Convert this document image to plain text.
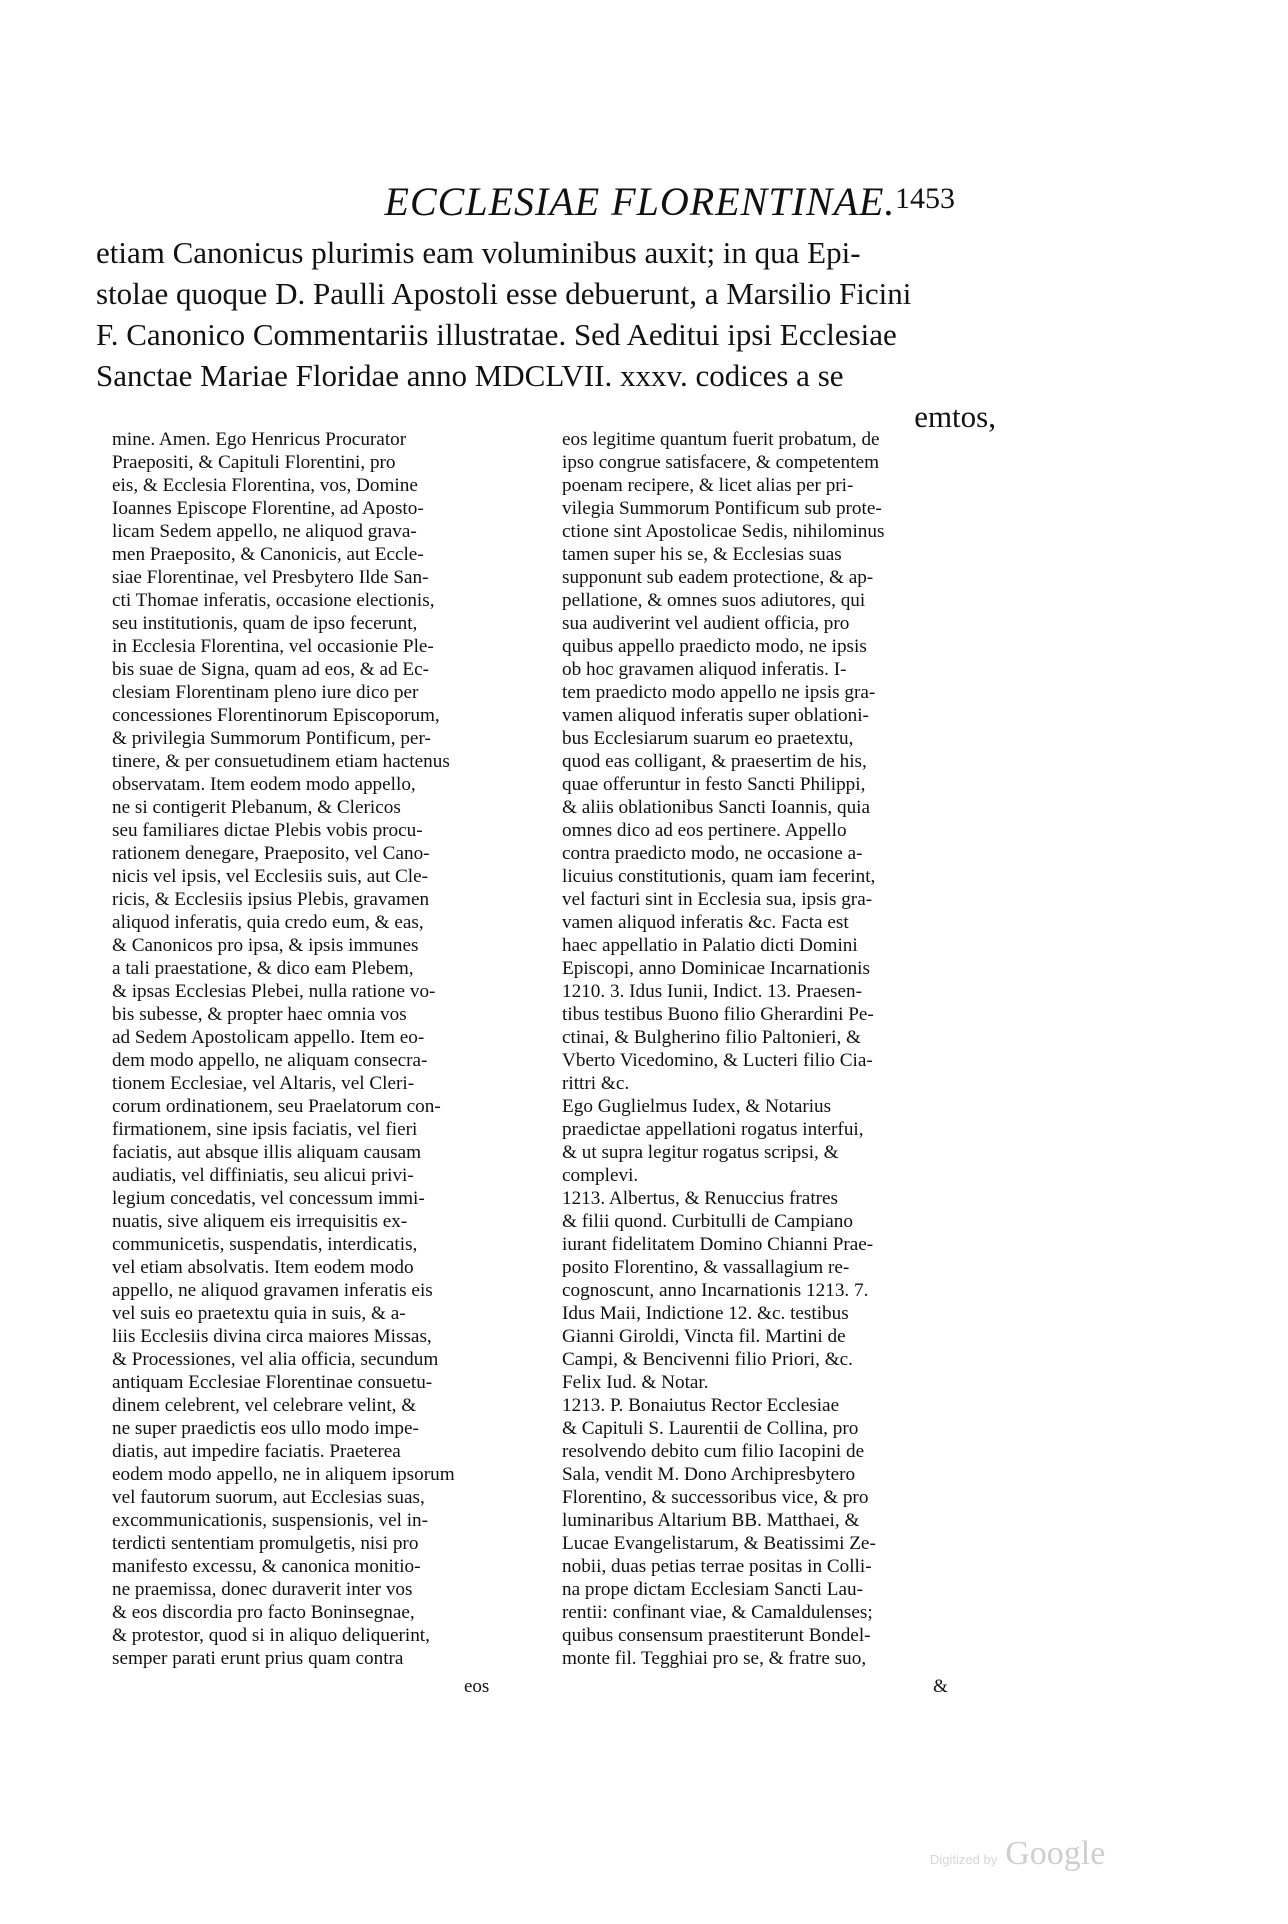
ECCLESIAE FLORENTINAE. 1453
etiam Canonicus plurimis eam voluminibus auxit; in qua Epi-
stolae quoque D. Paulli Apostoli esse debuerunt, a Marsilio Ficini
F. Canonico Commentariis illustratae. Sed Aeditui ipsi Ecclesiae
Sanctae Mariae Floridae anno MDCLVII. xxxv. codices a se
emtos,
mine. Amen. Ego Henricus Procurator
Praepositi, & Capituli Florentini, pro
eis, & Ecclesia Florentina, vos, Domine
Ioannes Episcope Florentine, ad Aposto-
licam Sedem appello, ne aliquod grava-
men Praeposito, & Canonicis, aut Eccle-
siae Florentinae, vel Presbytero Ilde San-
cti Thomae inferatis, occasione electionis,
seu institutionis, quam de ipso fecerunt,
in Ecclesia Florentina, vel occasionie Ple-
bis suae de Signa, quam ad eos, & ad Ec-
clesiam Florentinam pleno iure dico per
concessiones Florentinorum Episcoporum,
& privilegia Summorum Pontificum, per-
tinere, & per consuetudinem etiam hactenus
observatam. Item eodem modo appello,
ne si contigerit Plebanum, & Clericos
seu familiares dictae Plebis vobis procu-
rationem denegare, Praeposito, vel Cano-
nicis vel ipsis, vel Ecclesiis suis, aut Cle-
ricis, & Ecclesiis ipsius Plebis, gravamen
aliquod inferatis, quia credo eum, & eas,
& Canonicos pro ipsa, & ipsis immunes
a tali praestatione, & dico eam Plebem,
& ipsas Ecclesias Plebei, nulla ratione vo-
bis subesse, & propter haec omnia vos
ad Sedem Apostolicam appello. Item eo-
dem modo appello, ne aliquam consecra-
tionem Ecclesiae, vel Altaris, vel Cleri-
corum ordinationem, seu Praelatorum con-
firmationem, sine ipsis faciatis, vel fieri
faciatis, aut absque illis aliquam causam
audiatis, vel diffiniatis, seu alicui privi-
legium concedatis, vel concessum immi-
nuatis, sive aliquem eis irrequisitis ex-
communicetis, suspendatis, interdicatis,
vel etiam absolvatis. Item eodem modo
appello, ne aliquod gravamen inferatis eis
vel suis eo praetextu quia in suis, & a-
liis Ecclesiis divina circa maiores Missas,
& Processiones, vel alia officia, secundum
antiquam Ecclesiae Florentinae consuetu-
dinem celebrent, vel celebrare velint, &
ne super praedictis eos ullo modo impe-
diatis, aut impedire faciatis. Praeterea
eodem modo appello, ne in aliquem ipsorum
vel fautorum suorum, aut Ecclesias suas,
excommunicationis, suspensionis, vel in-
terdicti sententiam promulgetis, nisi pro
manifesto excessu, & canonica monitio-
ne praemissa, donec duraverit inter vos
& eos discordia pro facto Boninsegnae,
& protestor, quod si in aliquo deliquerint,
semper parati erunt prius quam contra
eos legitime quantum fuerit probatum, de
ipso congrue satisfacere, & competentem
poenam recipere, & licet alias per pri-
vilegia Summorum Pontificum sub prote-
ctione sint Apostolicae Sedis, nihilominus
tamen super his se, & Ecclesias suas
supponunt sub eadem protectione, & ap-
pellatione, & omnes suos adiutores, qui
sua audiverint vel audient officia, pro
quibus appello praedicto modo, ne ipsis
ob hoc gravamen aliquod inferatis. I-
tem praedicto modo appello ne ipsis gra-
vamen aliquod inferatis super oblationi-
bus Ecclesiarum suarum eo praetextu,
quod eas colligant, & praesertim de his,
quae offeruntur in festo Sancti Philippi,
& aliis oblationibus Sancti Ioannis, quia
omnes dico ad eos pertinere. Appello
contra praedicto modo, ne occasione a-
licuius constitutionis, quam iam fecerint,
vel facturi sint in Ecclesia sua, ipsis gra-
vamen aliquod inferatis &c. Facta est
haec appellatio in Palatio dicti Domini
Episcopi, anno Dominicae Incarnationis
1210. 3. Idus Iunii, Indict. 13. Praesen-
tibus testibus Buono filio Gherardini Pe-
ctinai, & Bulgherino filio Paltonieri, &
Vberto Vicedomino, & Lucteri filio Cia-
rittri &c.
Ego Guglielmus Iudex, & Notarius
praedictae appellationi rogatus interfui,
& ut supra legitur rogatus scripsi, &
complevi.
1213. Albertus, & Renuccius fratres
& filii quond. Curbitulli de Campiano
iurant fidelitatem Domino Chianni Prae-
posito Florentino, & vassallagium re-
cognoscunt, anno Incarnationis 1213. 7.
Idus Maii, Indictione 12. &c. testibus
Gianni Giroldi, Vincta fil. Martini de
Campi, & Bencivenni filio Priori, &c.
Felix Iud. & Notar.
1213. P. Bonaiutus Rector Ecclesiae
& Capituli S. Laurentii de Collina, pro
resolvendo debito cum filio Iacopini de
Sala, vendit M. Dono Archipresbytero
Florentino, & successoribus vice, & pro
luminaribus Altarium BB. Matthaei, &
Lucae Evangelistarum, & Beatissimi Ze-
nobii, duas petias terrae positas in Colli-
na prope dictam Ecclesiam Sancti Lau-
rentii: confinant viae, & Camaldulenses;
quibus consensum praestiterunt Bondel-
monte fil. Tegghiai pro se, & fratre suo,
eos	&
Digitized by Google
